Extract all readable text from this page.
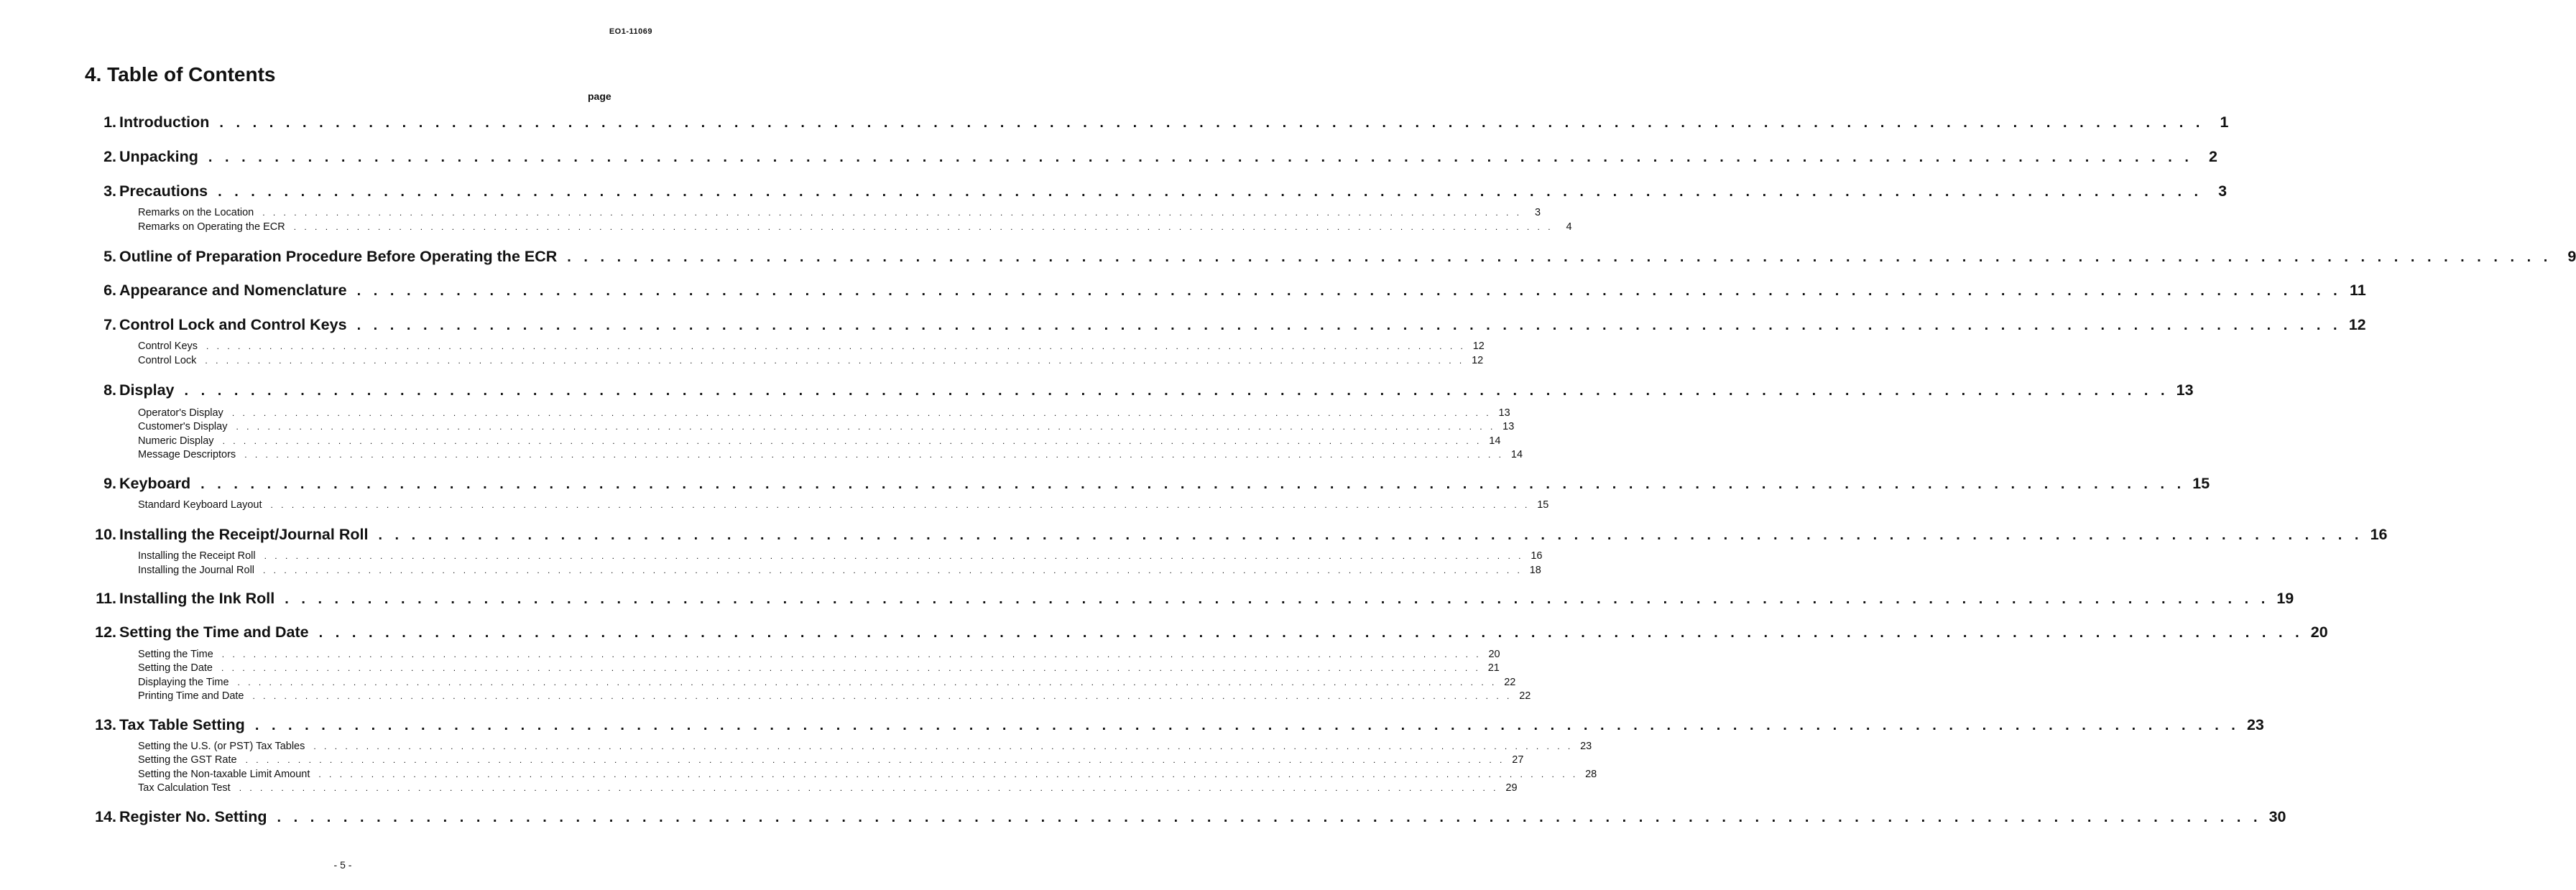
EO1-11069
4. Table of Contents
page
1. Introduction . . . . . . . . . . . . . . . . . . . . . . . . . . . . . . . . . . . . . . . . . . . . . . . . . . . . . . . . . . . . . . . . . . . . . . . . . . . . . . . . . . . . . . . . . . . . . . . . . . . . . . . . . . . . . . . . . . . . . . . .	1
2. Unpacking . . . . . . . . . . . . . . . . . . . . . . . . . . . . . . . . . . . . . . . . . . . . . . . . . . . . . . . . . . . . . . . . . . . . . . . . . . . . . . . . . . . . . . . . . . . . . . . . . . . . . . . . . . . . . . . . . . . . . . . .	2
3. Precautions . . . . . . . . . . . . . . . . . . . . . . . . . . . . . . . . . . . . . . . . . . . . . . . . . . . . . . . . . . . . . . . . . . . . . . . . . . . . . . . . . . . . . . . . . . . . . . . . . . . . . . . . . . . . . . . . . . . . . . . .	3
Remarks on the Location . . . . . . . . . . . . . . . . . . . . . . . . . . . . . . . . . . . . . . . . . . . . . . . . . . . . . . . . . . . . . . . . . . . . . . . . . . . . . . . . . . . . . . . . . . . . . . . . . . . . . . . . . . . . . . . . . . . . . . . .	3
Remarks on Operating the ECR . . . . . . . . . . . . . . . . . . . . . . . . . . . . . . . . . . . . . . . . . . . . . . . . . . . . . . . . . . . . . . . . . . . . . . . . . . . . . . . . . . . . . . . . . . . . . . . . . . . . . . . . . . . . . . . . . . . . . . . .	4
5. Outline of Preparation Procedure Before Operating the ECR . . . . . . . . . . . . . . . . . . . . . . . . . . . . . . . . . . . . . . . . . . . . . . . . . . . . . . . . . . . . . . . . . . . . . . . . . . . . . . . . . . . . . . . . . . . . . . . . . . . . . . . . . . . . . . . . . . . . . . . .	9
6. Appearance and Nomenclature . . . . . . . . . . . . . . . . . . . . . . . . . . . . . . . . . . . . . . . . . . . . . . . . . . . . . . . . . . . . . . . . . . . . . . . . . . . . . . . . . . . . . . . . . . . . . . . . . . . . . . . . . . . . . . . . . . . . . . . . 11
7. Control Lock and Control Keys . . . . . . . . . . . . . . . . . . . . . . . . . . . . . . . . . . . . . . . . . . . . . . . . . . . . . . . . . . . . . . . . . . . . . . . . . . . . . . . . . . . . . . . . . . . . . . . . . . . . . . . . . . . . . . . . . . . . . . . . 12
Control Keys . . . . . . . . . . . . . . . . . . . . . . . . . . . . . . . . . . . . . . . . . . . . . . . . . . . . . . . . . . . . . . . . . . . . . . . . . . . . . . . . . . . . . . . . . . . . . . . . . . . . . . . . . . . . . . . . . . . . . . . . 12
Control Lock . . . . . . . . . . . . . . . . . . . . . . . . . . . . . . . . . . . . . . . . . . . . . . . . . . . . . . . . . . . . . . . . . . . . . . . . . . . . . . . . . . . . . . . . . . . . . . . . . . . . . . . . . . . . . . . . . . . . . . . . 12
8. Display . . . . . . . . . . . . . . . . . . . . . . . . . . . . . . . . . . . . . . . . . . . . . . . . . . . . . . . . . . . . . . . . . . . . . . . . . . . . . . . . . . . . . . . . . . . . . . . . . . . . . . . . . . . . . . . . . . . . . . . . 13
Operator's Display . . . . . . . . . . . . . . . . . . . . . . . . . . . . . . . . . . . . . . . . . . . . . . . . . . . . . . . . . . . . . . . . . . . . . . . . . . . . . . . . . . . . . . . . . . . . . . . . . . . . . . . . . . . . . . . . . . . . . . . . 13
Customer's Display . . . . . . . . . . . . . . . . . . . . . . . . . . . . . . . . . . . . . . . . . . . . . . . . . . . . . . . . . . . . . . . . . . . . . . . . . . . . . . . . . . . . . . . . . . . . . . . . . . . . . . . . . . . . . . . . . . . . . . . . 13
Numeric Display . . . . . . . . . . . . . . . . . . . . . . . . . . . . . . . . . . . . . . . . . . . . . . . . . . . . . . . . . . . . . . . . . . . . . . . . . . . . . . . . . . . . . . . . . . . . . . . . . . . . . . . . . . . . . . . . . . . . . . . . 14
Message Descriptors . . . . . . . . . . . . . . . . . . . . . . . . . . . . . . . . . . . . . . . . . . . . . . . . . . . . . . . . . . . . . . . . . . . . . . . . . . . . . . . . . . . . . . . . . . . . . . . . . . . . . . . . . . . . . . . . . . . . . . . . 14
9. Keyboard . . . . . . . . . . . . . . . . . . . . . . . . . . . . . . . . . . . . . . . . . . . . . . . . . . . . . . . . . . . . . . . . . . . . . . . . . . . . . . . . . . . . . . . . . . . . . . . . . . . . . . . . . . . . . . . . . . . . . . . . 15
Standard Keyboard Layout . . . . . . . . . . . . . . . . . . . . . . . . . . . . . . . . . . . . . . . . . . . . . . . . . . . . . . . . . . . . . . . . . . . . . . . . . . . . . . . . . . . . . . . . . . . . . . . . . . . . . . . . . . . . . . . . . . . . . . . . 15
10. Installing the Receipt/Journal Roll . . . . . . . . . . . . . . . . . . . . . . . . . . . . . . . . . . . . . . . . . . . . . . . . . . . . . . . . . . . . . . . . . . . . . . . . . . . . . . . . . . . . . . . . . . . . . . . . . . . . . . . . . . . . . . . . . . . . . . . . 16
Installing the Receipt Roll . . . . . . . . . . . . . . . . . . . . . . . . . . . . . . . . . . . . . . . . . . . . . . . . . . . . . . . . . . . . . . . . . . . . . . . . . . . . . . . . . . . . . . . . . . . . . . . . . . . . . . . . . . . . . . . . . . . . . . . . 16
Installing the Journal Roll . . . . . . . . . . . . . . . . . . . . . . . . . . . . . . . . . . . . . . . . . . . . . . . . . . . . . . . . . . . . . . . . . . . . . . . . . . . . . . . . . . . . . . . . . . . . . . . . . . . . . . . . . . . . . . . . . . . . . . . . 18
11. Installing the Ink Roll . . . . . . . . . . . . . . . . . . . . . . . . . . . . . . . . . . . . . . . . . . . . . . . . . . . . . . . . . . . . . . . . . . . . . . . . . . . . . . . . . . . . . . . . . . . . . . . . . . . . . . . . . . . . . . . . . . . . . . . . 19
12. Setting the Time and Date . . . . . . . . . . . . . . . . . . . . . . . . . . . . . . . . . . . . . . . . . . . . . . . . . . . . . . . . . . . . . . . . . . . . . . . . . . . . . . . . . . . . . . . . . . . . . . . . . . . . . . . . . . . . . . . . . . . . . . . . 20
Setting the Time . . . . . . . . . . . . . . . . . . . . . . . . . . . . . . . . . . . . . . . . . . . . . . . . . . . . . . . . . . . . . . . . . . . . . . . . . . . . . . . . . . . . . . . . . . . . . . . . . . . . . . . . . . . . . . . . . . . . . . . . 20
Setting the Date . . . . . . . . . . . . . . . . . . . . . . . . . . . . . . . . . . . . . . . . . . . . . . . . . . . . . . . . . . . . . . . . . . . . . . . . . . . . . . . . . . . . . . . . . . . . . . . . . . . . . . . . . . . . . . . . . . . . . . . . 21
Displaying the Time . . . . . . . . . . . . . . . . . . . . . . . . . . . . . . . . . . . . . . . . . . . . . . . . . . . . . . . . . . . . . . . . . . . . . . . . . . . . . . . . . . . . . . . . . . . . . . . . . . . . . . . . . . . . . . . . . . . . . . . . 22
Printing Time and Date . . . . . . . . . . . . . . . . . . . . . . . . . . . . . . . . . . . . . . . . . . . . . . . . . . . . . . . . . . . . . . . . . . . . . . . . . . . . . . . . . . . . . . . . . . . . . . . . . . . . . . . . . . . . . . . . . . . . . . . . 22
13. Tax Table Setting . . . . . . . . . . . . . . . . . . . . . . . . . . . . . . . . . . . . . . . . . . . . . . . . . . . . . . . . . . . . . . . . . . . . . . . . . . . . . . . . . . . . . . . . . . . . . . . . . . . . . . . . . . . . . . . . . . . . . . . . 23
Setting the U.S. (or PST) Tax Tables . . . . . . . . . . . . . . . . . . . . . . . . . . . . . . . . . . . . . . . . . . . . . . . . . . . . . . . . . . . . . . . . . . . . . . . . . . . . . . . . . . . . . . . . . . . . . . . . . . . . . . . . . . . . . . . . . . . . . . . . 23
Setting the GST Rate . . . . . . . . . . . . . . . . . . . . . . . . . . . . . . . . . . . . . . . . . . . . . . . . . . . . . . . . . . . . . . . . . . . . . . . . . . . . . . . . . . . . . . . . . . . . . . . . . . . . . . . . . . . . . . . . . . . . . . . . 27
Setting the Non-taxable Limit Amount . . . . . . . . . . . . . . . . . . . . . . . . . . . . . . . . . . . . . . . . . . . . . . . . . . . . . . . . . . . . . . . . . . . . . . . . . . . . . . . . . . . . . . . . . . . . . . . . . . . . . . . . . . . . . . . . . . . . . . . . 28
Tax Calculation Test . . . . . . . . . . . . . . . . . . . . . . . . . . . . . . . . . . . . . . . . . . . . . . . . . . . . . . . . . . . . . . . . . . . . . . . . . . . . . . . . . . . . . . . . . . . . . . . . . . . . . . . . . . . . . . . . . . . . . . . . 29
14. Register No. Setting . . . . . . . . . . . . . . . . . . . . . . . . . . . . . . . . . . . . . . . . . . . . . . . . . . . . . . . . . . . . . . . . . . . . . . . . . . . . . . . . . . . . . . . . . . . . . . . . . . . . . . . . . . . . . . . . . . . . . . . . 30
- 5 -
